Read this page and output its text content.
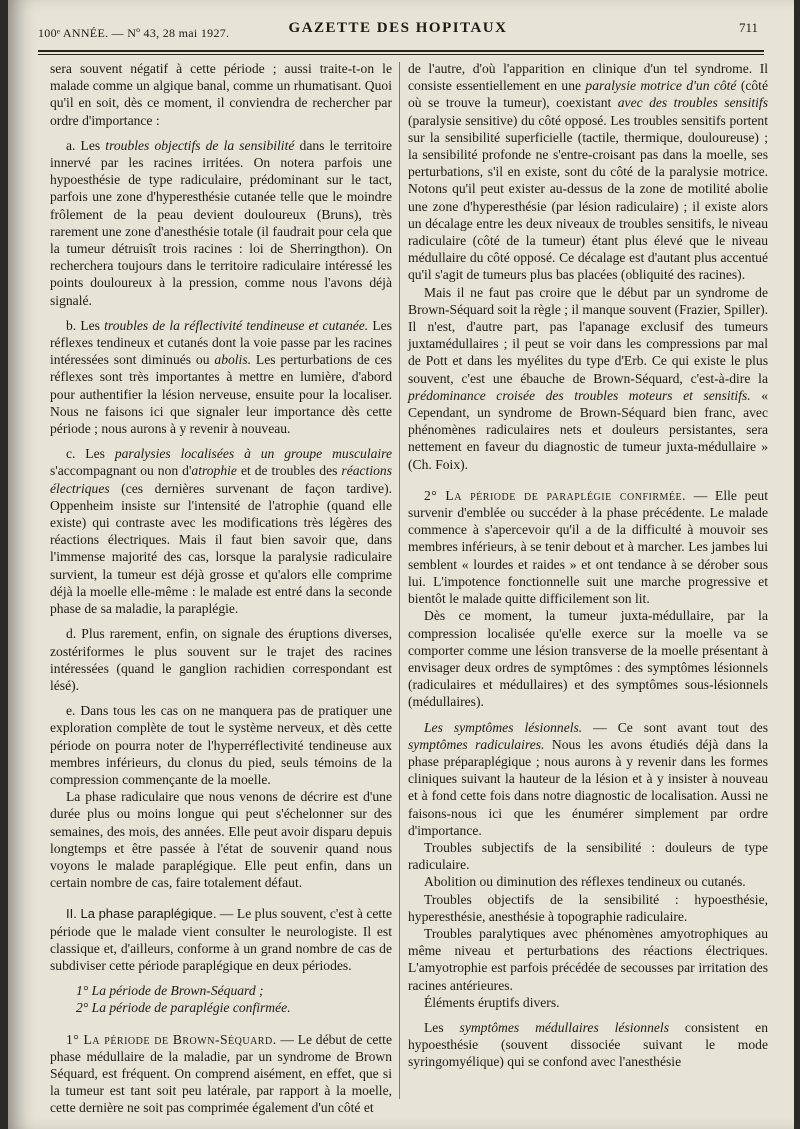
100ᵉ ANNÉE. — Nº 43, 28 mai 1927.	GAZETTE DES HOPITAUX	711

sera souvent négatif à cette période ; aussi traite-t-on le malade comme un algique banal, comme un rhumatisant. Quoi qu'il en soit, dès ce moment, il conviendra de rechercher par ordre d'importance :

a. Les troubles objectifs de la sensibilité dans le territoire innervé par les racines irritées. On notera parfois une hypoesthésie de type radiculaire, prédominant sur le tact, parfois une zone d'hyperesthésie cutanée telle que le moindre frôlement de la peau devient douloureux (Bruns), très rarement une zone d'anesthésie totale (il faudrait pour cela que la tumeur détruisît trois racines : loi de Sherringthon). On recherchera toujours dans le territoire radiculaire intéressé les points douloureux à la pression, comme nous l'avons déjà signalé.

b. Les troubles de la réflectivité tendineuse et cutanée. Les réflexes tendineux et cutanés dont la voie passe par les racines intéressées sont diminués ou abolis. Les perturbations de ces réflexes sont très importantes à mettre en lumière, d'abord pour authentifier la lésion nerveuse, ensuite pour la localiser. Nous ne faisons ici que signaler leur importance dès cette période ; nous aurons à y revenir à nouveau.

c. Les paralysies localisées à un groupe musculaire s'accompagnant ou non d'atrophie et de troubles des réactions électriques (ces dernières survenant de façon tardive). Oppenheim insiste sur l'intensité de l'atrophie (quand elle existe) qui contraste avec les modifications très légères des réactions électriques. Mais il faut bien savoir que, dans l'immense majorité des cas, lorsque la paralysie radiculaire survient, la tumeur est déjà grosse et qu'alors elle comprime déjà la moelle elle-même : le malade est entré dans la seconde phase de sa maladie, la paraplégie.

d. Plus rarement, enfin, on signale des éruptions diverses, zostériformes le plus souvent sur le trajet des racines intéressées (quand le ganglion rachidien correspondant est lésé).

e. Dans tous les cas on ne manquera pas de pratiquer une exploration complète de tout le système nerveux, et dès cette période on pourra noter de l'hyperréflectivité tendineuse aux membres inférieurs, du clonus du pied, seuls témoins de la compression commençante de la moelle.

La phase radiculaire que nous venons de décrire est d'une durée plus ou moins longue qui peut s'échelonner sur des semaines, des mois, des années. Elle peut avoir disparu depuis longtemps et être passée à l'état de souvenir quand nous voyons le malade paraplégique. Elle peut enfin, dans un certain nombre de cas, faire totalement défaut.

II. La phase paraplégique. — Le plus souvent, c'est à cette période que le malade vient consulter le neurologiste. Il est classique et, d'ailleurs, conforme à un grand nombre de cas de subdiviser cette période paraplégique en deux périodes.

1° La période de Brown-Séquard ;

2° La période de paraplégie confirmée.

1° La période de Brown-Séquard. — Le début de cette phase médullaire de la maladie, par un syndrome de Brown Séquard, est fréquent. On comprend aisément, en effet, que si la tumeur est tant soit peu latérale, par rapport à la moelle, cette dernière ne soit pas comprimée également d'un côté et

de l'autre, d'où l'apparition en clinique d'un tel syndrome. Il consiste essentiellement en une paralysie motrice d'un côté (côté où se trouve la tumeur), coexistant avec des troubles sensitifs (paralysie sensitive) du côté opposé. Les troubles sensitifs portent sur la sensibilité superficielle (tactile, thermique, douloureuse) ; la sensibilité profonde ne s'entre-croisant pas dans la moelle, ses perturbations, s'il en existe, sont du côté de la paralysie motrice. Notons qu'il peut exister au-dessus de la zone de motilité abolie une zone d'hyperesthésie (par lésion radiculaire) ; il existe alors un décalage entre les deux niveaux de troubles sensitifs, le niveau radiculaire (côté de la tumeur) étant plus élevé que le niveau médullaire du côté opposé. Ce décalage est d'autant plus accentué qu'il s'agit de tumeurs plus bas placées (obliquité des racines).

Mais il ne faut pas croire que le début par un syndrome de Brown-Séquard soit la règle ; il manque souvent (Frazier, Spiller). Il n'est, d'autre part, pas l'apanage exclusif des tumeurs juxtamédullaires ; il peut se voir dans les compressions par mal de Pott et dans les myélites du type d'Erb. Ce qui existe le plus souvent, c'est une ébauche de Brown-Séquard, c'est-à-dire la prédominance croisée des troubles moteurs et sensitifs. « Cependant, un syndrome de Brown-Séquard bien franc, avec phénomènes radiculaires nets et douleurs persistantes, sera nettement en faveur du diagnostic de tumeur juxta-médullaire » (Ch. Foix).

2° La période de paraplégie confirmée. — Elle peut survenir d'emblée ou succéder à la phase précédente. Le malade commence à s'apercevoir qu'il a de la difficulté à mouvoir ses membres inférieurs, à se tenir debout et à marcher. Les jambes lui semblent « lourdes et raides » et ont tendance à se dérober sous lui. L'impotence fonctionnelle suit une marche progressive et bientôt le malade quitte difficilement son lit.

Dès ce moment, la tumeur juxta-médullaire, par la compression localisée qu'elle exerce sur la moelle va se comporter comme une lésion transverse de la moelle présentant à envisager deux ordres de symptômes : des symptômes lésionnels (radiculaires et médullaires) et des symptômes sous-lésionnels (médullaires).

Les symptômes lésionnels. — Ce sont avant tout des symptômes radiculaires. Nous les avons étudiés déjà dans la phase préparaplégique ; nous aurons à y revenir dans les formes cliniques suivant la hauteur de la lésion et à y insister à nouveau et à fond cette fois dans notre diagnostic de localisation. Aussi ne faisons-nous ici que les énumérer simplement par ordre d'importance.

Troubles subjectifs de la sensibilité : douleurs de type radiculaire.

Abolition ou diminution des réflexes tendineux ou cutanés.

Troubles objectifs de la sensibilité : hypoesthésie, hyperesthésie, anesthésie à topographie radiculaire.

Troubles paralytiques avec phénomènes amyotrophiques au même niveau et perturbations des réactions électriques. L'amyotrophie est parfois précédée de secousses par irritation des racines antérieures.

Éléments éruptifs divers.

Les symptômes médullaires lésionnels consistent en hypoesthésie (souvent dissociée suivant le mode syringomyélique) qui se confond avec l'anesthésie
